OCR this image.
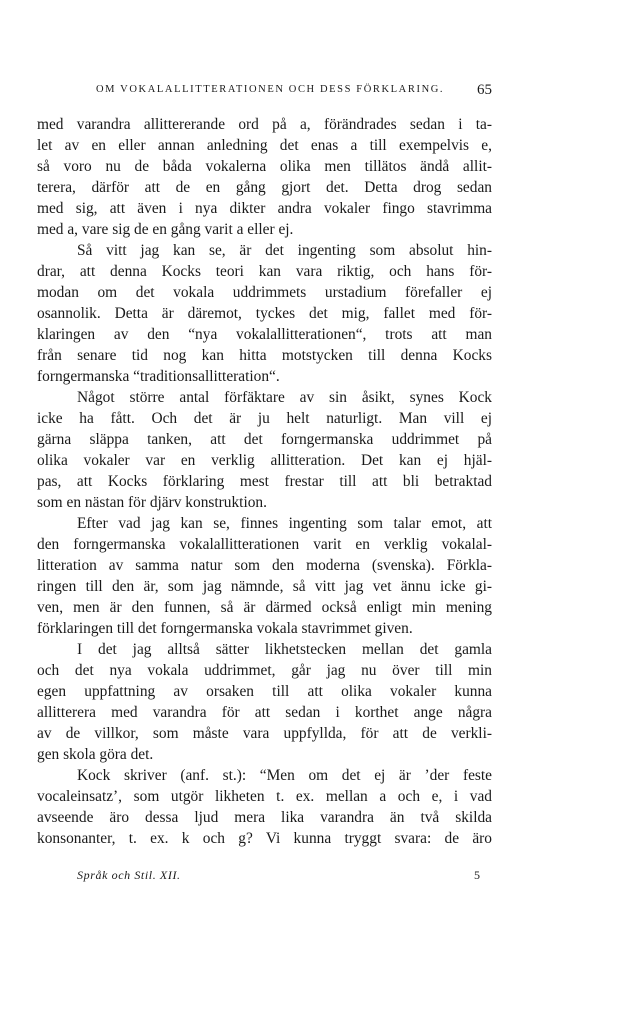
OM VOKALALLITTERATIONEN OCH DESS FÖRKLARING. 65
med varandra allittererande ord på a, förändrades sedan i ta-
let av en eller annan anledning det enas a till exempelvis e,
så voro nu de båda vokalerna olika men tillätos ändå allit-
terera, därför att de en gång gjort det. Detta drog sedan
med sig, att även i nya dikter andra vokaler fingo stavrimma
med a, vare sig de en gång varit a eller ej.
Så vitt jag kan se, är det ingenting som absolut hin-
drar, att denna Kocks teori kan vara riktig, och hans för-
modan om det vokala uddrimmets urstadium förefaller ej
osannolik. Detta är däremot, tyckes det mig, fallet med för-
klaringen av den “nya vokalallitterationen“, trots att man
från senare tid nog kan hitta motstycken till denna Kocks
forngermanska “traditionsallitteration“.
Något större antal förfäktare av sin åsikt, synes Kock
icke ha fått. Och det är ju helt naturligt. Man vill ej
gärna släppa tanken, att det forngermanska uddrimmet på
olika vokaler var en verklig allitteration. Det kan ej hjäl-
pas, att Kocks förklaring mest frestar till att bli betraktad
som en nästan för djärv konstruktion.
Efter vad jag kan se, finnes ingenting som talar emot, att
den forngermanska vokalallitterationen varit en verklig vokalal-
litteration av samma natur som den moderna (svenska). Förkla-
ringen till den är, som jag nämnde, så vitt jag vet ännu icke gi-
ven, men är den funnen, så är därmed också enligt min mening
förklaringen till det forngermanska vokala stavrimmet given.
I det jag alltså sätter likhetstecken mellan det gamla
och det nya vokala uddrimmet, går jag nu över till min
egen uppfattning av orsaken till att olika vokaler kunna
allitterera med varandra för att sedan i korthet ange några
av de villkor, som måste vara uppfyllda, för att de verkli-
gen skola göra det.
Kock skriver (anf. st.): “Men om det ej är ’der feste
vocaleinsatz’, som utgör likheten t. ex. mellan a och e, i vad
avseende äro dessa ljud mera lika varandra än två skilda
konsonanter, t. ex. k och g? Vi kunna tryggt svara: de äro
Språk och Stil. XII.	5
